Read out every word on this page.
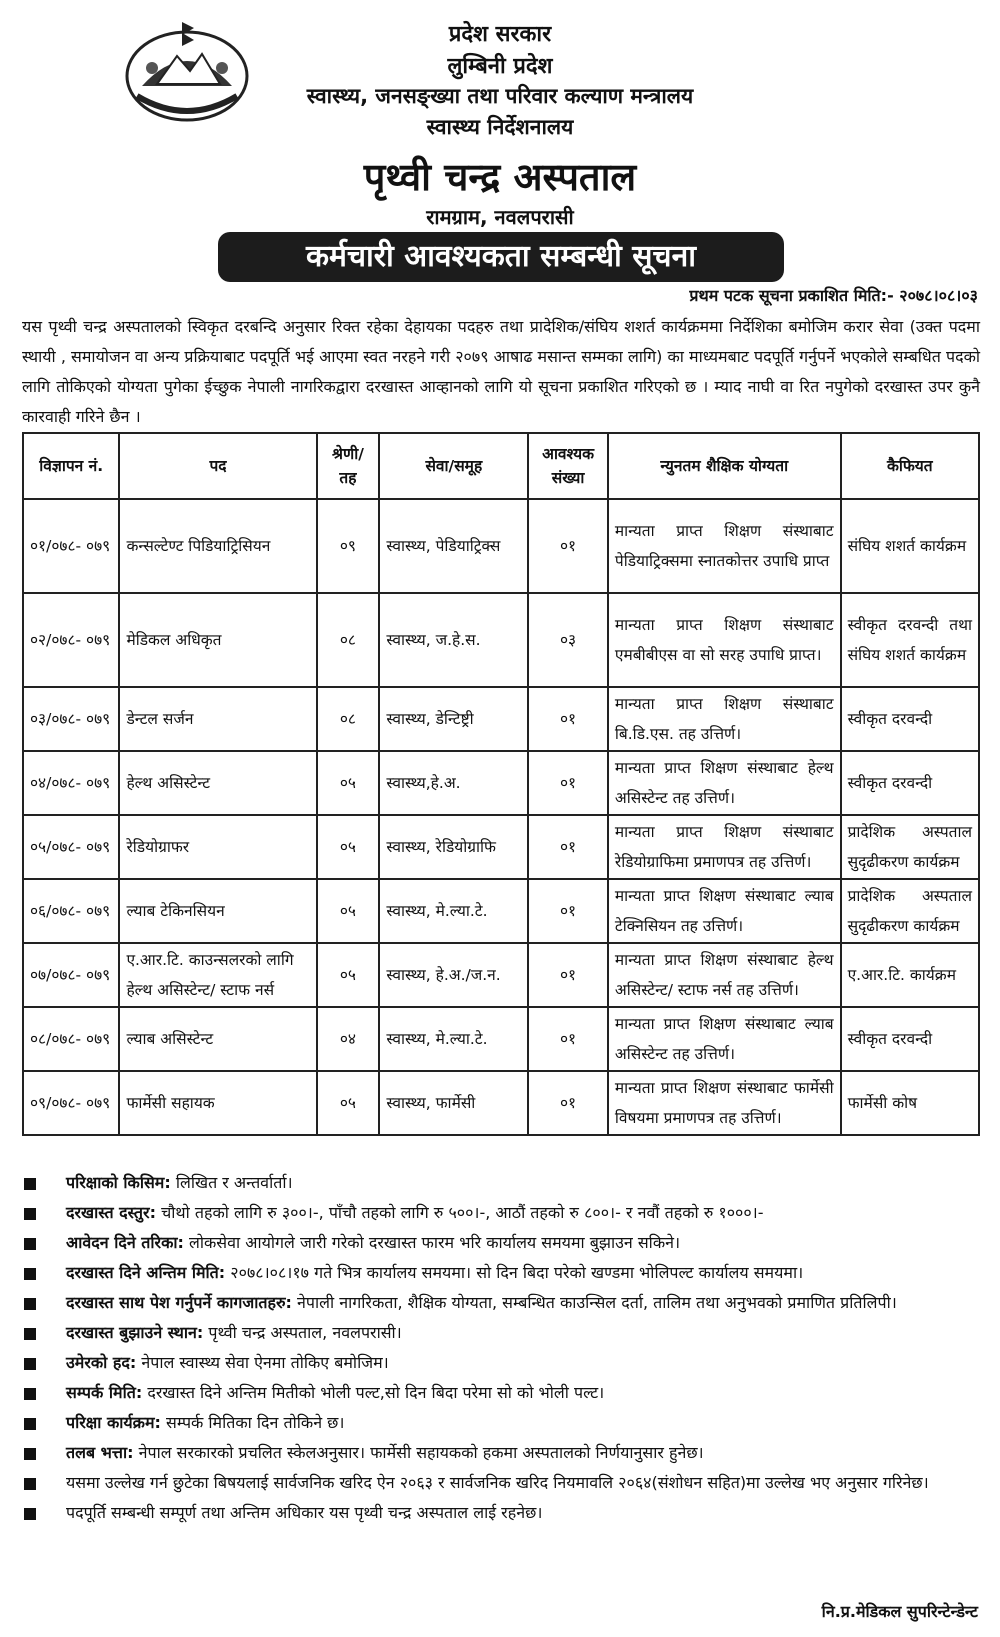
प्रदेश सरकार
लुम्बिनी प्रदेश
स्वास्थ्य, जनसङ्ख्या तथा परिवार कल्याण मन्त्रालय
स्वास्थ्य निर्देशनालय
पृथ्वी चन्द्र अस्पताल
रामग्राम, नवलपरासी
कर्मचारी आवश्यकता सम्बन्धी सूचना
प्रथम पटक सूचना प्रकाशित मिति:- २०७८।०८।०३
यस पृथ्वी चन्द्र अस्पतालको स्विकृत दरबन्दि अनुसार रिक्त रहेका देहायका पदहरु तथा प्रादेशिक/संघिय शशर्त कार्यक्रममा निर्देशिका बमोजिम करार सेवा (उक्त पदमा स्थायी , समायोजन वा अन्य प्रक्रियाबाट पदपूर्ति भई आएमा स्वत नरहने गरी २०७९ आषाढ मसान्त सम्मका लागि) का माध्यमबाट पदपूर्ति गर्नुपर्ने भएकोले सम्बधित पदको लागि तोकिएको योग्यता पुगेका ईच्छुक नेपाली नागरिकद्वारा दरखास्त आव्हानको लागि यो सूचना प्रकाशित गरिएको छ । म्याद नाघी वा रित नपुगेको दरखास्त उपर कुनै कारवाही गरिने छैन ।
विज्ञापन नं.	पद	श्रेणी/ तह	सेवा/समूह	आवश्यक संख्या	न्युनतम शैक्षिक योग्यता	कैफियत
०१/०७८- ०७९	कन्सल्टेण्ट पिडियाट्रिसियन	०९	स्वास्थ्य, पेडियाट्रिक्स	०१	मान्यता प्राप्त शिक्षण संस्थाबाट पेडियाट्रिक्समा स्नातकोत्तर उपाधि प्राप्त	संघिय शशर्त कार्यक्रम
०२/०७८- ०७९	मेडिकल अधिकृत	०८	स्वास्थ्य, ज.हे.स.	०३	मान्यता प्राप्त शिक्षण संस्थाबाट एमबीबीएस वा सो सरह उपाधि प्राप्त।	स्वीकृत दरवन्दी तथा संघिय शशर्त कार्यक्रम
०३/०७८- ०७९	डेन्टल सर्जन	०८	स्वास्थ्य, डेन्टिष्ट्री	०१	मान्यता प्राप्त शिक्षण संस्थाबाट बि.डि.एस. तह उत्तिर्ण।	स्वीकृत दरवन्दी
०४/०७८- ०७९	हेल्थ असिस्टेन्ट	०५	स्वास्थ्य,हे.अ.	०१	मान्यता प्राप्त शिक्षण संस्थाबाट हेल्थ असिस्टेन्ट तह उत्तिर्ण।	स्वीकृत दरवन्दी
०५/०७८- ०७९	रेडियोग्राफर	०५	स्वास्थ्य, रेडियोग्राफि	०१	मान्यता प्राप्त शिक्षण संस्थाबाट रेडियोग्राफिमा प्रमाणपत्र तह उत्तिर्ण।	प्रादेशिक अस्पताल सुदृढीकरण कार्यक्रम
०६/०७८- ०७९	ल्याब टेकिनसियन	०५	स्वास्थ्य, मे.ल्या.टे.	०१	मान्यता प्राप्त शिक्षण संस्थाबाट ल्याब टेक्निसियन तह उत्तिर्ण।	प्रादेशिक अस्पताल सुदृढीकरण कार्यक्रम
०७/०७८- ०७९	ए.आर.टि. काउन्सलरको लागि हेल्थ असिस्टेन्ट/ स्टाफ नर्स	०५	स्वास्थ्य, हे.अ./ज.न.	०१	मान्यता प्राप्त शिक्षण संस्थाबाट हेल्थ असिस्टेन्ट/ स्टाफ नर्स तह उत्तिर्ण।	ए.आर.टि. कार्यक्रम
०८/०७८- ०७९	ल्याब असिस्टेन्ट	०४	स्वास्थ्य, मे.ल्या.टे.	०१	मान्यता प्राप्त शिक्षण संस्थाबाट ल्याब असिस्टेन्ट तह उत्तिर्ण।	स्वीकृत दरवन्दी
०९/०७८- ०७९	फार्मेसी सहायक	०५	स्वास्थ्य, फार्मेसी	०१	मान्यता प्राप्त शिक्षण संस्थाबाट फार्मेसी विषयमा प्रमाणपत्र तह उत्तिर्ण।	फार्मेसी कोष
परिक्षाको किसिम: लिखित र अन्तर्वार्ता।
दरखास्त दस्तुर: चौथो तहको लागि रु ३००।-, पाँचौ तहको लागि रु ५००।-, आठौं तहको रु ८००।- र नवौं तहको रु १०००।-
आवेदन दिने तरिका: लोकसेवा आयोगले जारी गरेको दरखास्त फारम भरि कार्यालय समयमा बुझाउन सकिने।
दरखास्त दिने अन्तिम मिति: २०७८।०८।१७ गते भित्र कार्यालय समयमा। सो दिन बिदा परेको खण्डमा भोलिपल्ट कार्यालय समयमा।
दरखास्त साथ पेश गर्नुपर्ने कागजातहरु: नेपाली नागरिकता, शैक्षिक योग्यता, सम्बन्धित काउन्सिल दर्ता, तालिम तथा अनुभवको प्रमाणित प्रतिलिपी।
दरखास्त बुझाउने स्थान: पृथ्वी चन्द्र अस्पताल, नवलपरासी।
उमेरको हद: नेपाल स्वास्थ्य सेवा ऐनमा तोकिए बमोजिम।
सम्पर्क मिति: दरखास्त दिने अन्तिम मितीको भोली पल्ट,सो दिन बिदा परेमा सो को भोली पल्ट।
परिक्षा कार्यक्रम: सम्पर्क मितिका दिन तोकिने छ।
तलब भत्ता: नेपाल सरकारको प्रचलित स्केलअनुसार। फार्मेसी सहायकको हकमा अस्पतालको निर्णयानुसार हुनेछ।
यसमा उल्लेख गर्न छुटेका बिषयलाई सार्वजनिक खरिद ऐन २०६३ र सार्वजनिक खरिद नियमावलि २०६४(संशोधन सहित)मा उल्लेख भए अनुसार गरिनेछ।
पदपूर्ति सम्बन्धी सम्पूर्ण तथा अन्तिम अधिकार यस पृथ्वी चन्द्र अस्पताल लाई रहनेछ।
नि.प्र.मेडिकल सुपरिन्टेन्डेन्ट
